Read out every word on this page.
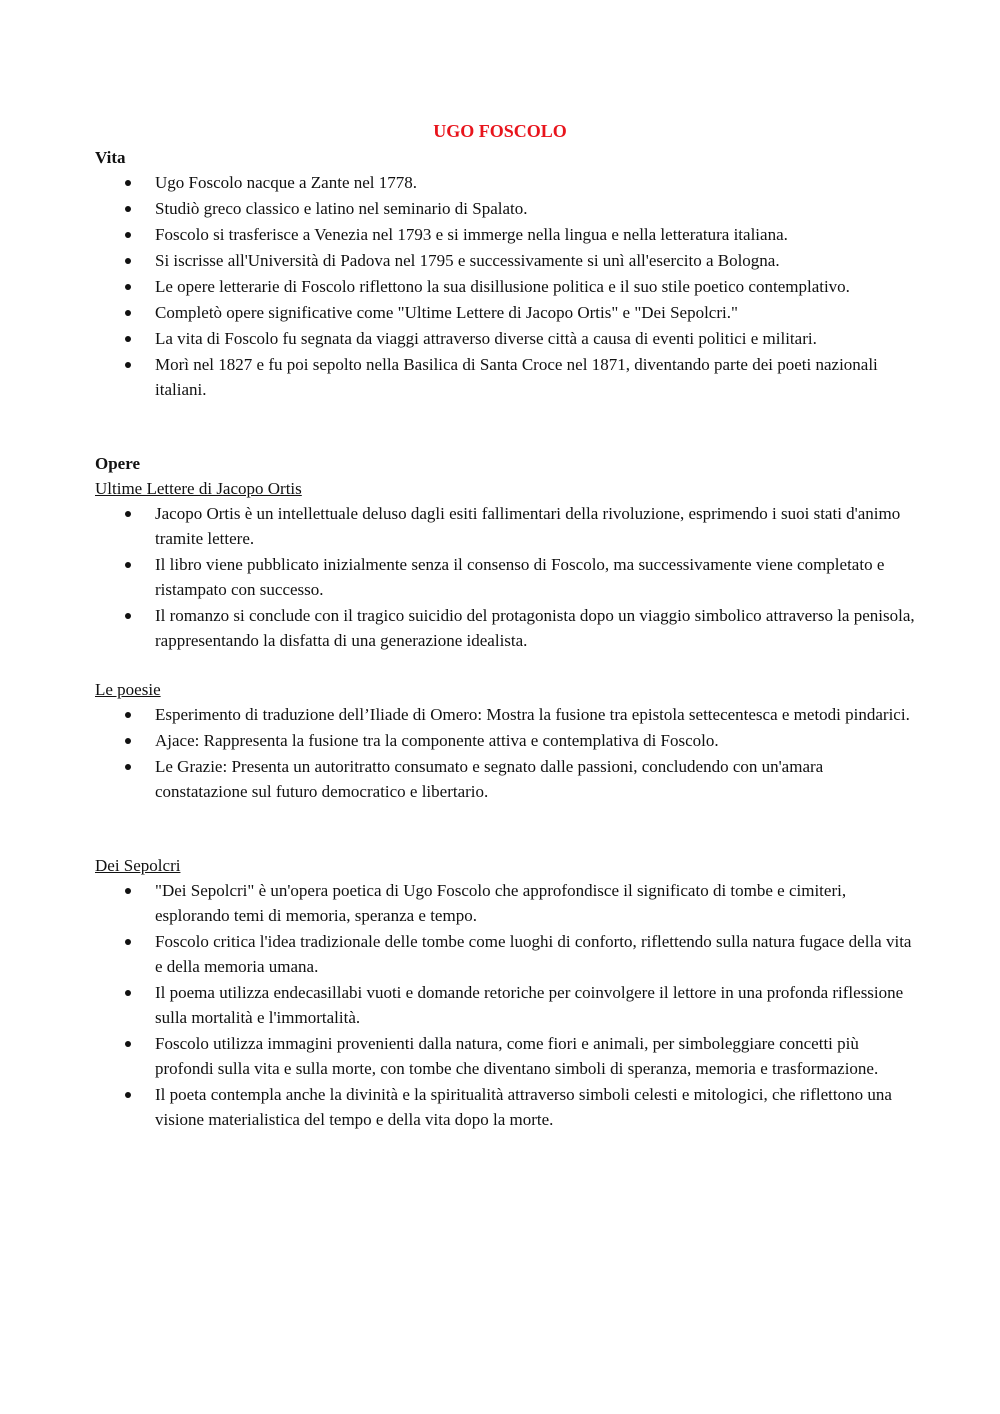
UGO FOSCOLO
Vita
Ugo Foscolo nacque a Zante nel 1778.
Studiò greco classico e latino nel seminario di Spalato.
Foscolo si trasferisce a Venezia nel 1793 e si immerge nella lingua e nella letteratura italiana.
Si iscrisse all'Università di Padova nel 1795 e successivamente si unì all'esercito a Bologna.
Le opere letterarie di Foscolo riflettono la sua disillusione politica e il suo stile poetico contemplativo.
Completò opere significative come "Ultime Lettere di Jacopo Ortis" e "Dei Sepolcri."
La vita di Foscolo fu segnata da viaggi attraverso diverse città a causa di eventi politici e militari.
Morì nel 1827 e fu poi sepolto nella Basilica di Santa Croce nel 1871, diventando parte dei poeti nazionali italiani.
Opere
Ultime Lettere di Jacopo Ortis
Jacopo Ortis è un intellettuale deluso dagli esiti fallimentari della rivoluzione, esprimendo i suoi stati d'animo tramite lettere.
Il libro viene pubblicato inizialmente senza il consenso di Foscolo, ma successivamente viene completato e ristampato con successo.
Il romanzo si conclude con il tragico suicidio del protagonista dopo un viaggio simbolico attraverso la penisola, rappresentando la disfatta di una generazione idealista.
Le poesie
Esperimento di traduzione dell’Iliade di Omero: Mostra la fusione tra epistola settecentesca e metodi pindarici.
Ajace: Rappresenta la fusione tra la componente attiva e contemplativa di Foscolo.
Le Grazie: Presenta un autoritratto consumato e segnato dalle passioni, concludendo con un'amara constatazione sul futuro democratico e libertario.
Dei Sepolcri
"Dei Sepolcri" è un'opera poetica di Ugo Foscolo che approfondisce il significato di tombe e cimiteri, esplorando temi di memoria, speranza e tempo.
Foscolo critica l'idea tradizionale delle tombe come luoghi di conforto, riflettendo sulla natura fugace della vita e della memoria umana.
Il poema utilizza endecasillabi vuoti e domande retoriche per coinvolgere il lettore in una profonda riflessione sulla mortalità e l'immortalità.
Foscolo utilizza immagini provenienti dalla natura, come fiori e animali, per simboleggiare concetti più profondi sulla vita e sulla morte, con tombe che diventano simboli di speranza, memoria e trasformazione.
Il poeta contempla anche la divinità e la spiritualità attraverso simboli celesti e mitologici, che riflettono una visione materialistica del tempo e della vita dopo la morte.
